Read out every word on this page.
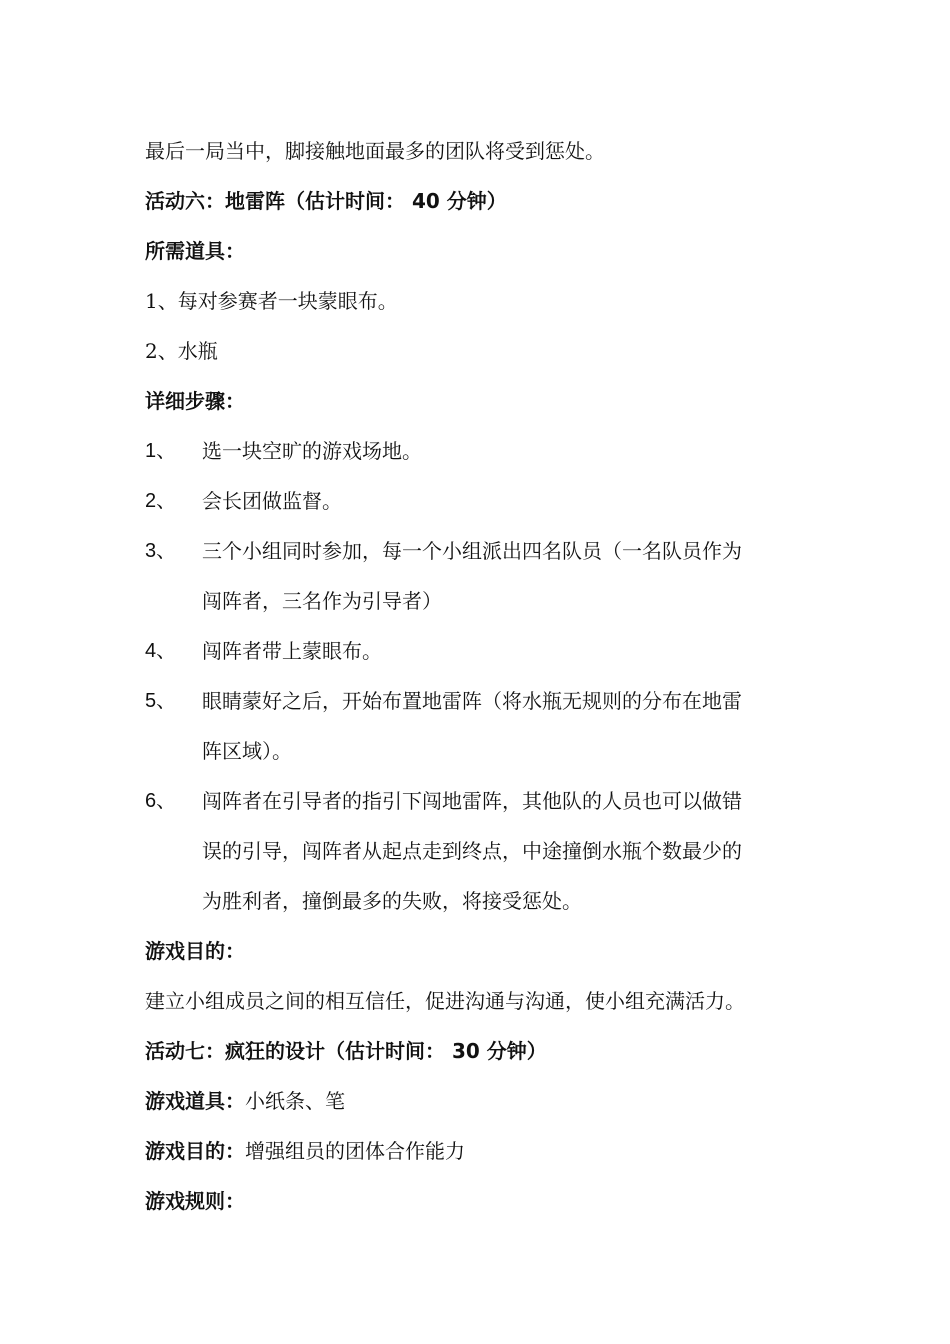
最后一局当中，脚接触地面最多的团队将受到惩处。
活动六：地雷阵（估计时间： 40 分钟）
所需道具：
1、每对参赛者一块蒙眼布。
2、水瓶
详细步骤：
1、 选一块空旷的游戏场地。
2、 会长团做监督。
3、 三个小组同时参加，每一个小组派出四名队员（一名队员作为
闯阵者，三名作为引导者）
4、 闯阵者带上蒙眼布。
5、 眼睛蒙好之后，开始布置地雷阵（将水瓶无规则的分布在地雷
阵区域）。
6、 闯阵者在引导者的指引下闯地雷阵，其他队的人员也可以做错
误的引导，闯阵者从起点走到终点，中途撞倒水瓶个数最少的
为胜利者，撞倒最多的失败，将接受惩处。
游戏目的：
建立小组成员之间的相互信任，促进沟通与沟通，使小组充满活力。
活动七：疯狂的设计（估计时间： 30 分钟）
游戏道具：小纸条、笔
游戏目的：增强组员的团体合作能力
游戏规则：
